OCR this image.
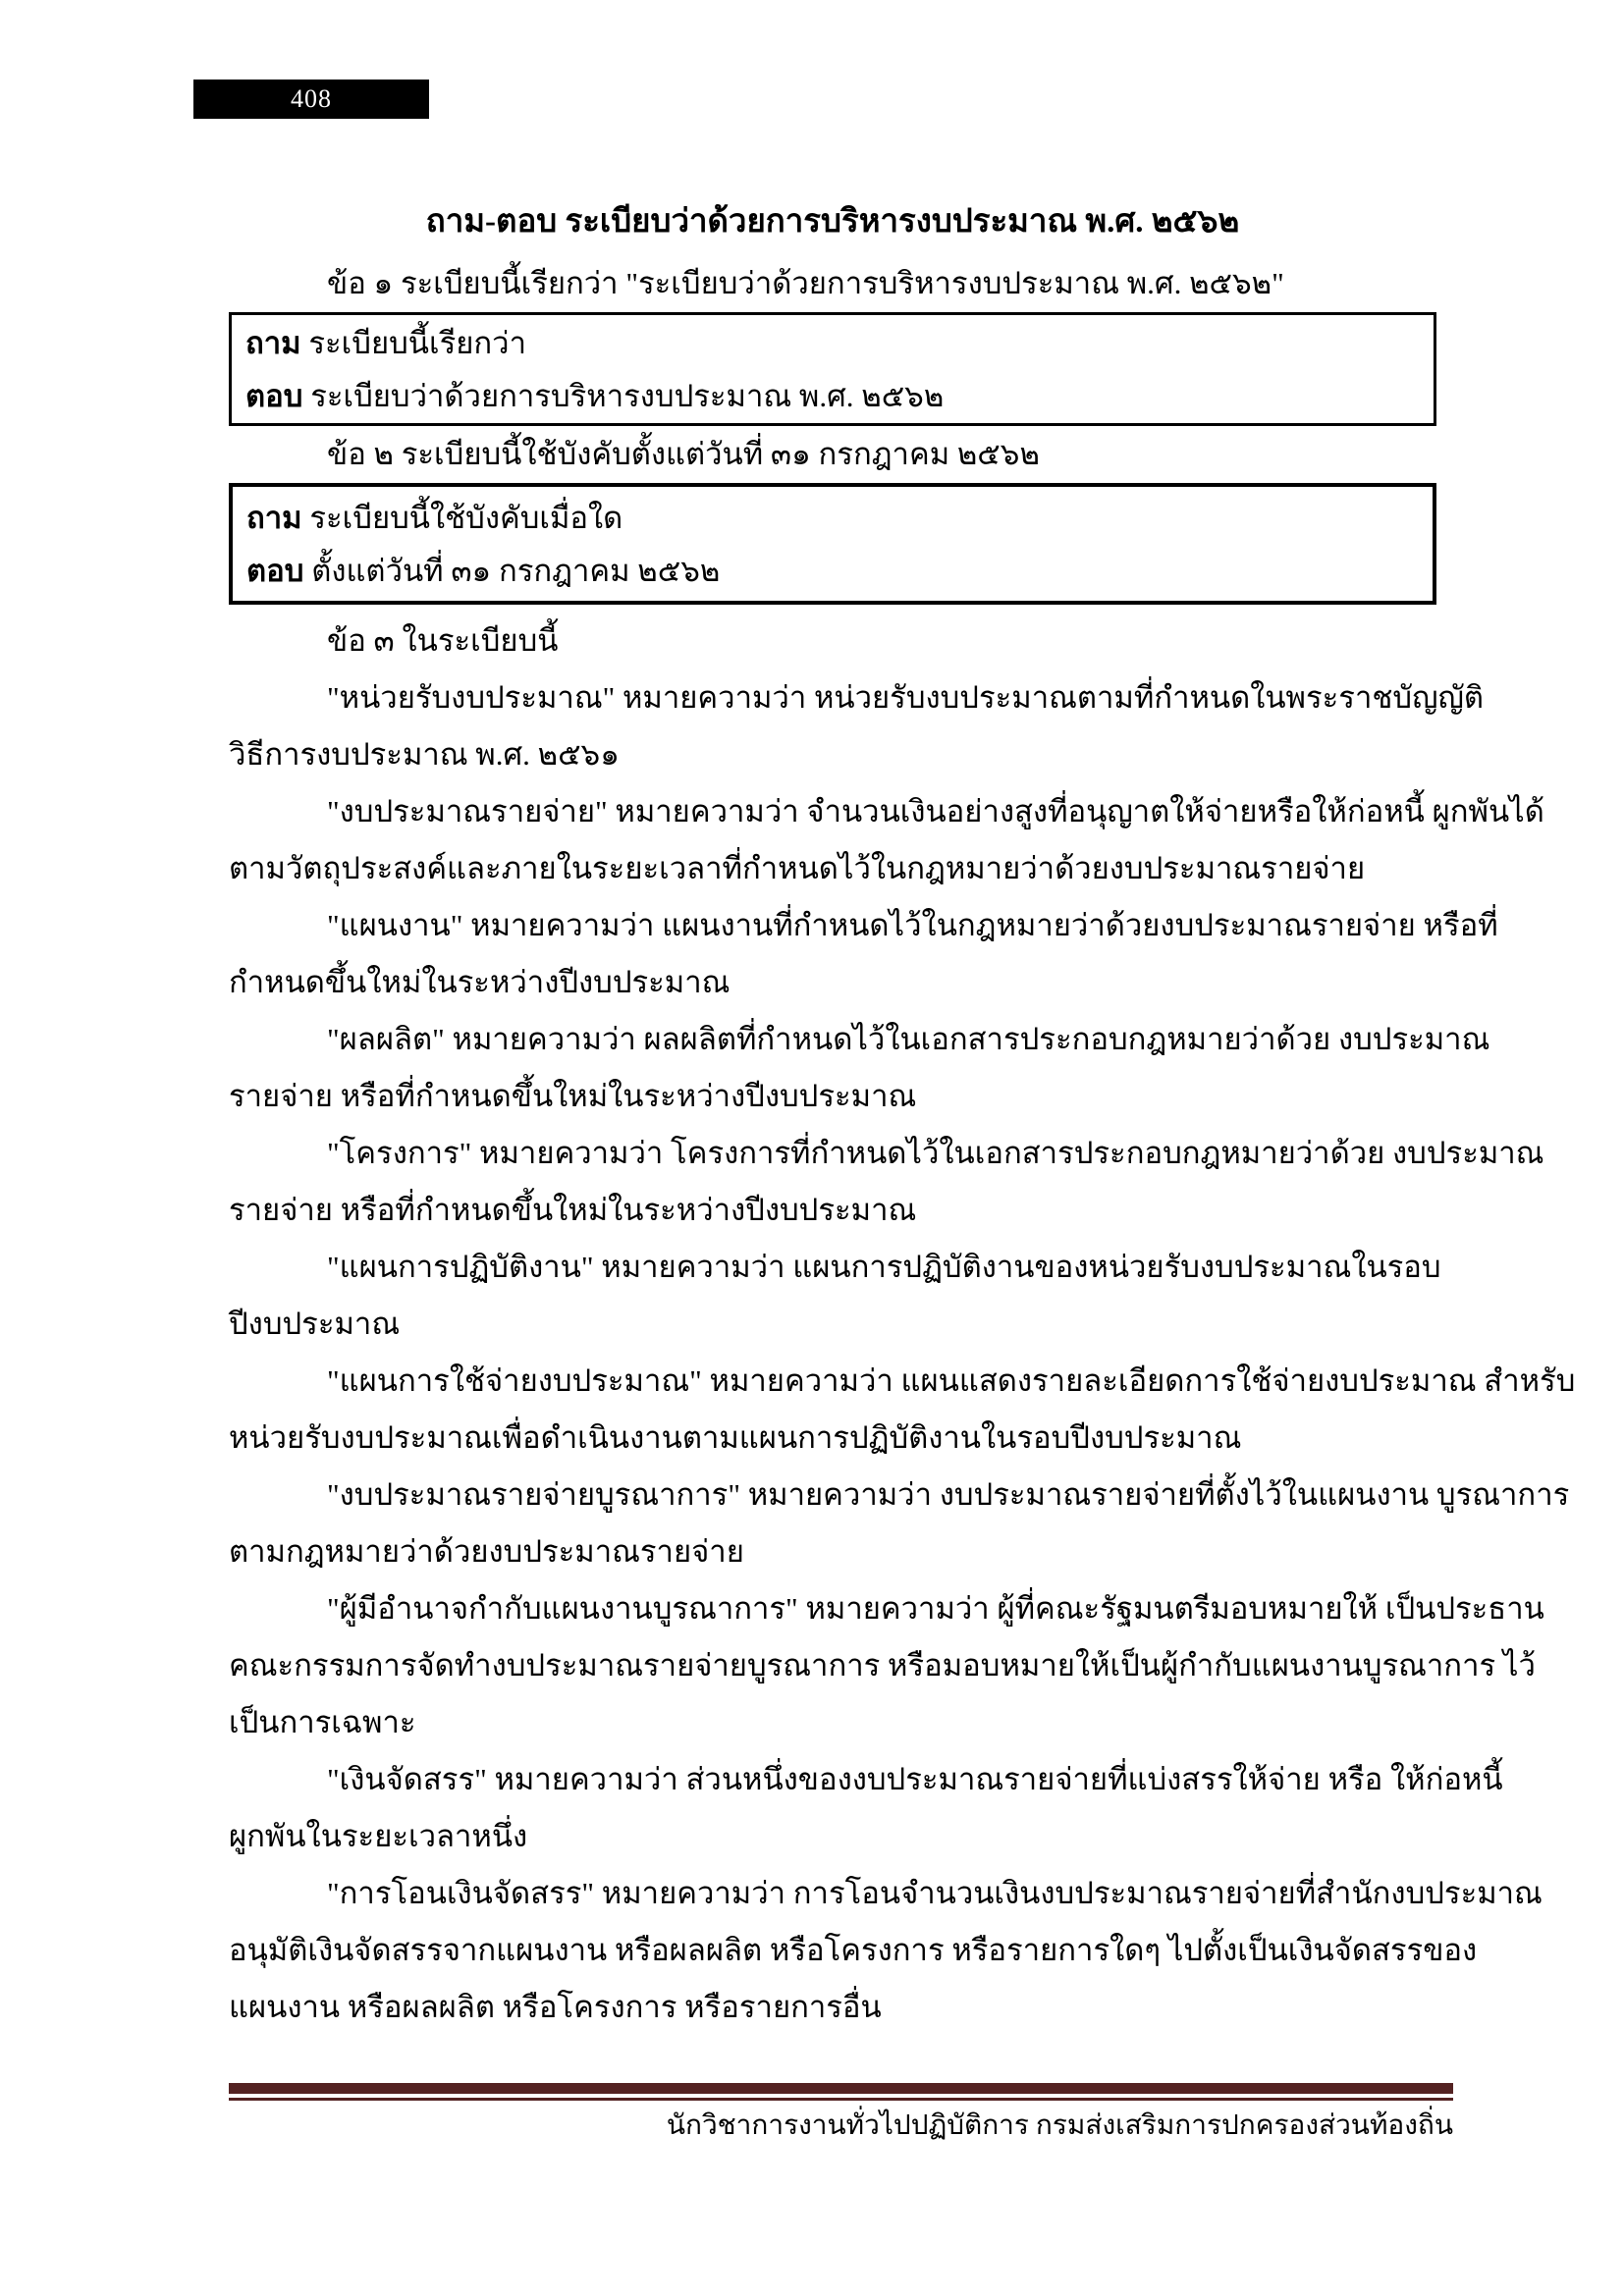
408
ถาม-ตอบ ระเบียบว่าด้วยการบริหารงบประมาณ พ.ศ. ๒๕๖๒
ข้อ ๑ ระเบียบนี้เรียกว่า "ระเบียบว่าด้วยการบริหารงบประมาณ พ.ศ. ๒๕๖๒"
ถาม ระเบียบนี้เรียกว่า
ตอบ ระเบียบว่าด้วยการบริหารงบประมาณ พ.ศ. ๒๕๖๒
ข้อ ๒ ระเบียบนี้ใช้บังคับตั้งแต่วันที่ ๓๑ กรกฎาคม ๒๕๖๒
ถาม ระเบียบนี้ใช้บังคับเมื่อใด
ตอบ ตั้งแต่วันที่ ๓๑ กรกฎาคม ๒๕๖๒
ข้อ ๓ ในระเบียบนี้
"หน่วยรับงบประมาณ" หมายความว่า หน่วยรับงบประมาณตามที่กำหนดในพระราชบัญญัติ
วิธีการงบประมาณ พ.ศ. ๒๕๖๑
"งบประมาณรายจ่าย" หมายความว่า จำนวนเงินอย่างสูงที่อนุญาตให้จ่ายหรือให้ก่อหนี้ ผูกพันได้
ตามวัตถุประสงค์และภายในระยะเวลาที่กำหนดไว้ในกฎหมายว่าด้วยงบประมาณรายจ่าย
"แผนงาน" หมายความว่า แผนงานที่กำหนดไว้ในกฎหมายว่าด้วยงบประมาณรายจ่าย หรือที่
กำหนดขึ้นใหม่ในระหว่างปีงบประมาณ
"ผลผลิต" หมายความว่า ผลผลิตที่กำหนดไว้ในเอกสารประกอบกฎหมายว่าด้วย งบประมาณ
รายจ่าย หรือที่กำหนดขึ้นใหม่ในระหว่างปีงบประมาณ
"โครงการ" หมายความว่า โครงการที่กำหนดไว้ในเอกสารประกอบกฎหมายว่าด้วย งบประมาณ
รายจ่าย หรือที่กำหนดขึ้นใหม่ในระหว่างปีงบประมาณ
"แผนการปฏิบัติงาน" หมายความว่า แผนการปฏิบัติงานของหน่วยรับงบประมาณในรอบ
ปีงบประมาณ
"แผนการใช้จ่ายงบประมาณ" หมายความว่า แผนแสดงรายละเอียดการใช้จ่ายงบประมาณ สำหรับ
หน่วยรับงบประมาณเพื่อดำเนินงานตามแผนการปฏิบัติงานในรอบปีงบประมาณ
"งบประมาณรายจ่ายบูรณาการ" หมายความว่า งบประมาณรายจ่ายที่ตั้งไว้ในแผนงาน บูรณาการ
ตามกฎหมายว่าด้วยงบประมาณรายจ่าย
"ผู้มีอำนาจกำกับแผนงานบูรณาการ" หมายความว่า ผู้ที่คณะรัฐมนตรีมอบหมายให้ เป็นประธาน
คณะกรรมการจัดทำงบประมาณรายจ่ายบูรณาการ หรือมอบหมายให้เป็นผู้กำกับแผนงานบูรณาการ ไว้
เป็นการเฉพาะ
"เงินจัดสรร" หมายความว่า ส่วนหนึ่งของงบประมาณรายจ่ายที่แบ่งสรรให้จ่าย หรือ ให้ก่อหนี้
ผูกพันในระยะเวลาหนึ่ง
"การโอนเงินจัดสรร" หมายความว่า การโอนจำนวนเงินงบประมาณรายจ่ายที่สำนักงบประมาณ
อนุมัติเงินจัดสรรจากแผนงาน หรือผลผลิต หรือโครงการ หรือรายการใดๆ ไปตั้งเป็นเงินจัดสรรของ
แผนงาน หรือผลผลิต หรือโครงการ หรือรายการอื่น
นักวิชาการงานทั่วไปปฏิบัติการ กรมส่งเสริมการปกครองส่วนท้องถิ่น
